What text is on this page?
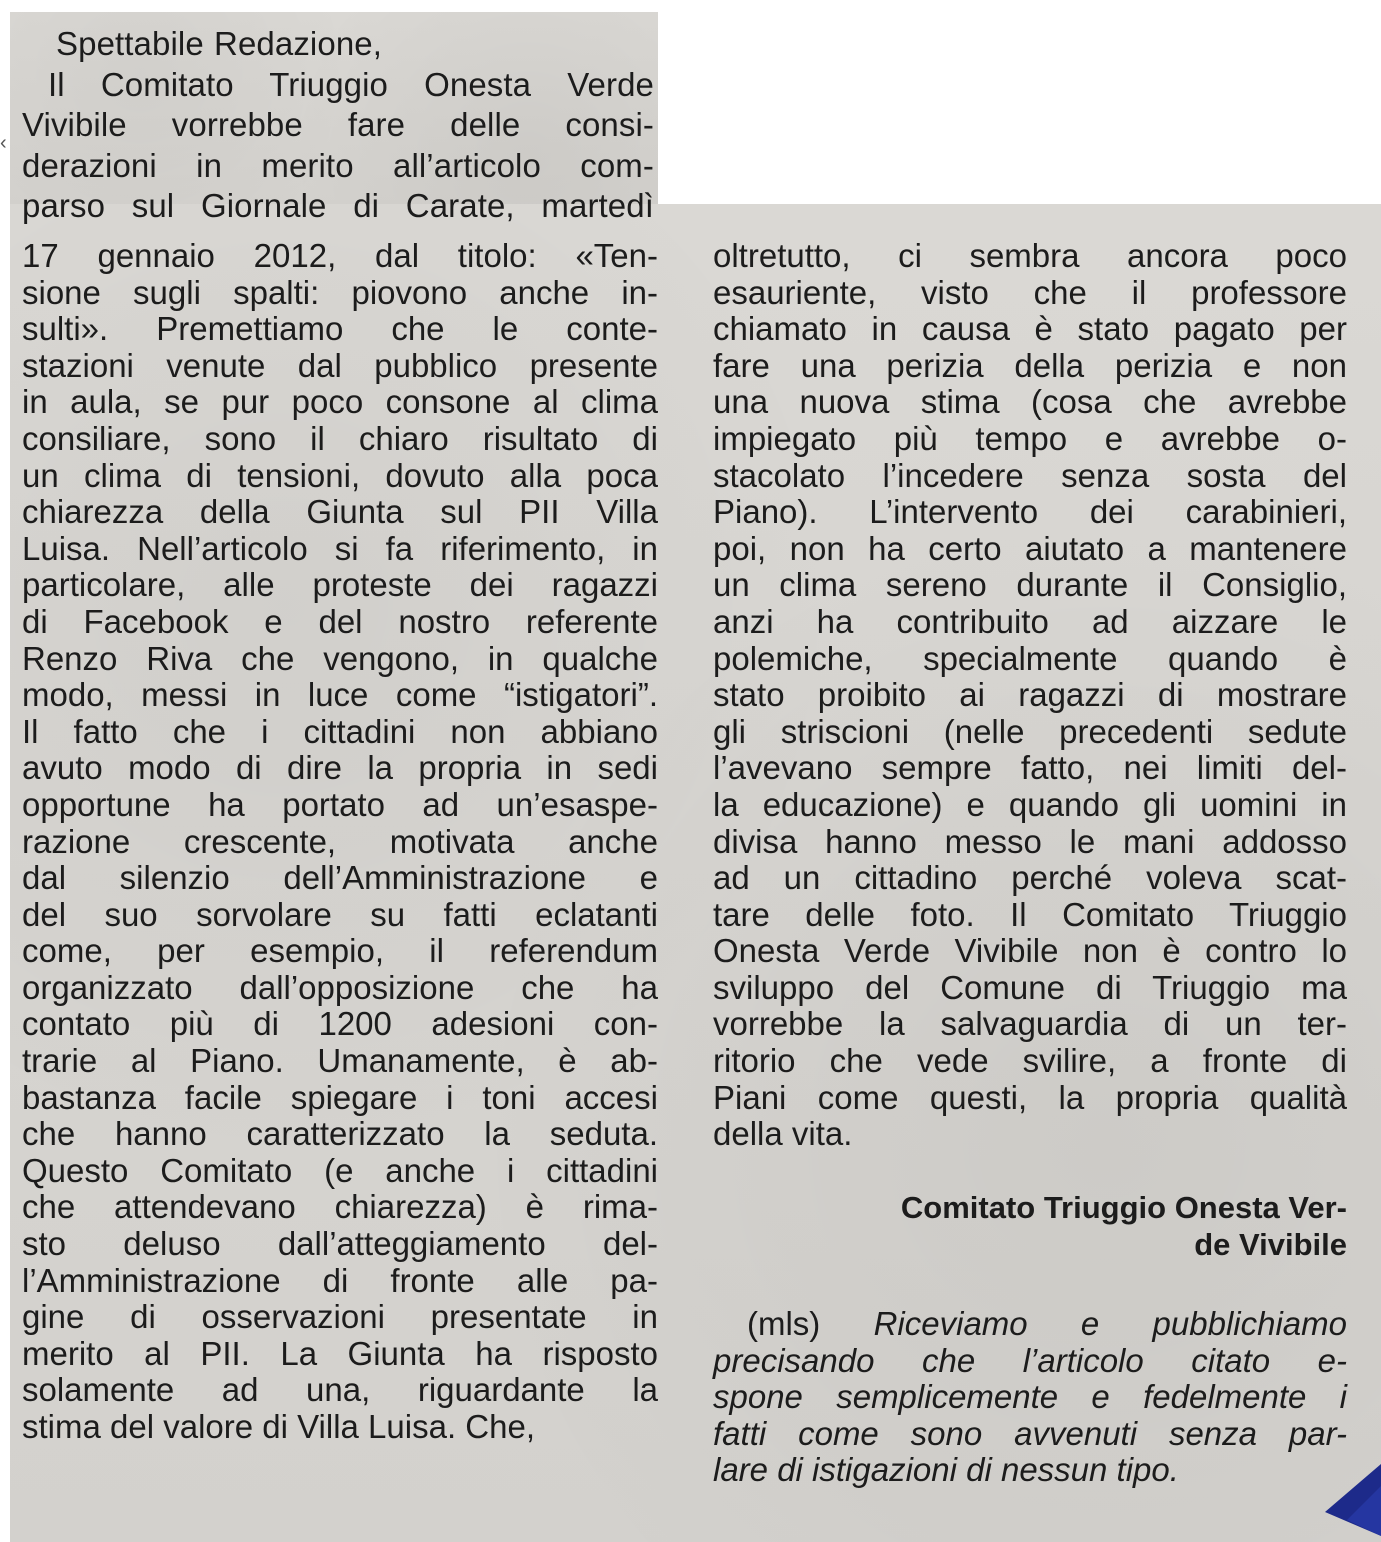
‹
Spettabile Redazione,
Il Comitato Triuggio Onesta Verde
Vivibile vorrebbe fare delle consi-
derazioni in merito all’articolo com-
parso sul Giornale di Carate, martedì
17 gennaio 2012, dal titolo: «Ten-
sione sugli spalti: piovono anche in-
sulti». Premettiamo che le conte-
stazioni venute dal pubblico presente
in aula, se pur poco consone al clima
consiliare, sono il chiaro risultato di
un clima di tensioni, dovuto alla poca
chiarezza della Giunta sul PII Villa
Luisa. Nell’articolo si fa riferimento, in
particolare, alle proteste dei ragazzi
di Facebook e del nostro referente
Renzo Riva che vengono, in qualche
modo, messi in luce come “istigatori”.
Il fatto che i cittadini non abbiano
avuto modo di dire la propria in sedi
opportune ha portato ad un’esaspe-
razione crescente, motivata anche
dal silenzio dell’Amministrazione e
del suo sorvolare su fatti eclatanti
come, per esempio, il referendum
organizzato dall’opposizione che ha
contato più di 1200 adesioni con-
trarie al Piano. Umanamente, è ab-
bastanza facile spiegare i toni accesi
che hanno caratterizzato la seduta.
Questo Comitato (e anche i cittadini
che attendevano chiarezza) è rima-
sto deluso dall’atteggiamento del-
l’Amministrazione di fronte alle pa-
gine di osservazioni presentate in
merito al PII. La Giunta ha risposto
solamente ad una, riguardante la
stima del valore di Villa Luisa. Che,
oltretutto, ci sembra ancora poco
esauriente, visto che il professore
chiamato in causa è stato pagato per
fare una perizia della perizia e non
una nuova stima (cosa che avrebbe
impiegato più tempo e avrebbe o-
stacolato l’incedere senza sosta del
Piano). L’intervento dei carabinieri,
poi, non ha certo aiutato a mantenere
un clima sereno durante il Consiglio,
anzi ha contribuito ad aizzare le
polemiche, specialmente quando è
stato proibito ai ragazzi di mostrare
gli striscioni (nelle precedenti sedute
l’avevano sempre fatto, nei limiti del-
la educazione) e quando gli uomini in
divisa hanno messo le mani addosso
ad un cittadino perché voleva scat-
tare delle foto. Il Comitato Triuggio
Onesta Verde Vivibile non è contro lo
sviluppo del Comune di Triuggio ma
vorrebbe la salvaguardia di un ter-
ritorio che vede svilire, a fronte di
Piani come questi, la propria qualità
della vita.
Comitato Triuggio Onesta Ver-
de Vivibile
(mls) Riceviamo e pubblichiamo
precisando che l’articolo citato e-
spone semplicemente e fedelmente i
fatti come sono avvenuti senza par-
lare di istigazioni di nessun tipo.
